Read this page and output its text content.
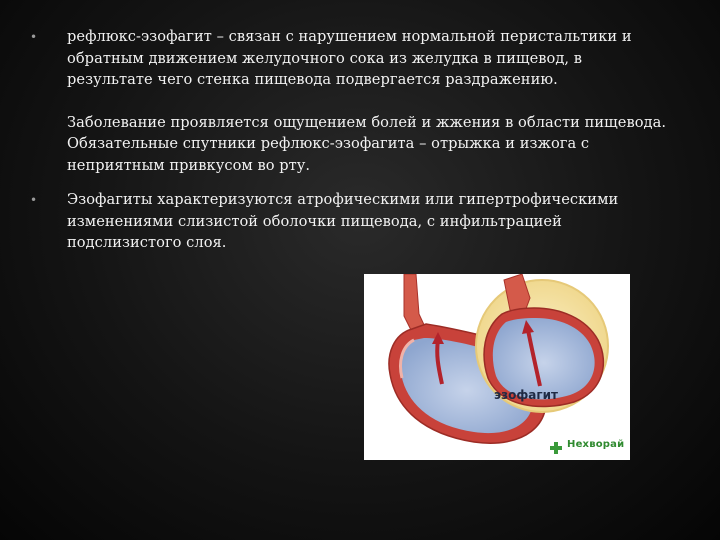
• рефлюкс-эзофагит – связан с нарушением нормальной перистальтики и обратным движением желудочного сока из желудка в пищевод, в результате чего стенка пищевода подвергается раздражению.

Заболевание проявляется ощущением болей и жжения в области пищевода. Обязательные спутники рефлюкс-эзофагита – отрыжка и изжога с неприятным привкусом во рту.

• Эзофагиты характеризуются атрофическими или гипертрофическими изменениями слизистой оболочки пищевода, с инфильтрацией подслизистого слоя.

эзофагит
Нехворай
